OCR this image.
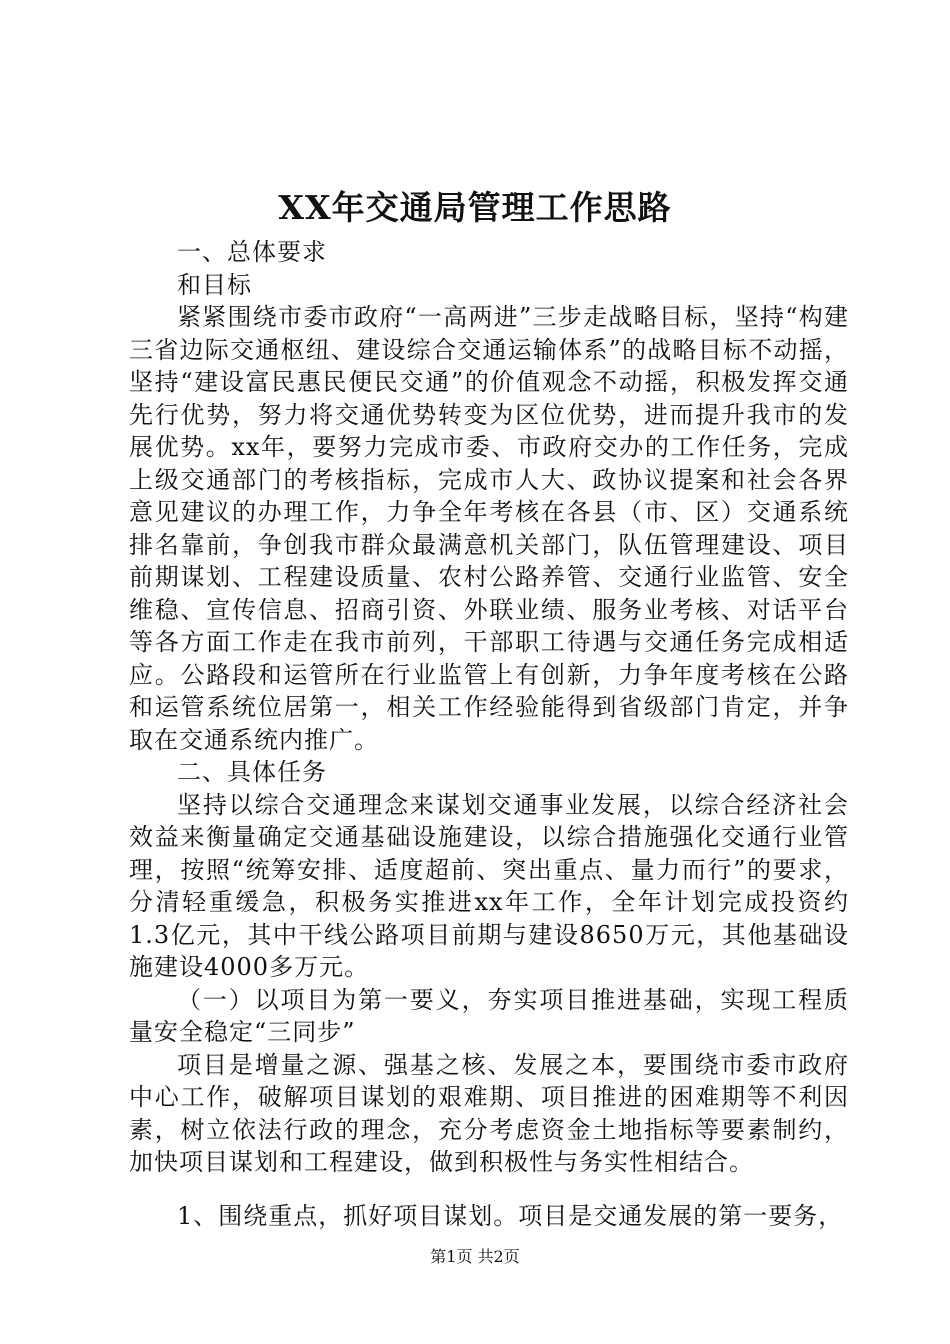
XX年交通局管理工作思路

一、总体要求

和目标

紧紧围绕市委市政府“一高两进”三步走战略目标，坚持“构建三省边际交通枢纽、建设综合交通运输体系”的战略目标不动摇，坚持“建设富民惠民便民交通”的价值观念不动摇，积极发挥交通先行优势，努力将交通优势转变为区位优势，进而提升我市的发展优势。xx年，要努力完成市委、市政府交办的工作任务，完成上级交通部门的考核指标，完成市人大、政协议提案和社会各界意见建议的办理工作，力争全年考核在各县（市、区）交通系统排名靠前，争创我市群众最满意机关部门，队伍管理建设、项目前期谋划、工程建设质量、农村公路养管、交通行业监管、安全维稳、宣传信息、招商引资、外联业绩、服务业考核、对话平台等各方面工作走在我市前列，干部职工待遇与交通任务完成相适应。公路段和运管所在行业监管上有创新，力争年度考核在公路和运管系统位居第一，相关工作经验能得到省级部门肯定，并争取在交通系统内推广。

二、具体任务

坚持以综合交通理念来谋划交通事业发展，以综合经济社会效益来衡量确定交通基础设施建设，以综合措施强化交通行业管理，按照“统筹安排、适度超前、突出重点、量力而行”的要求，分清轻重缓急，积极务实推进xx年工作，全年计划完成投资约1.3亿元，其中干线公路项目前期与建设8650万元，其他基础设施建设4000多万元。

（一）以项目为第一要义，夯实项目推进基础，实现工程质量安全稳定“三同步”

项目是增量之源、强基之核、发展之本，要围绕市委市政府中心工作，破解项目谋划的艰难期、项目推进的困难期等不利因素，树立依法行政的理念，充分考虑资金土地指标等要素制约，加快项目谋划和工程建设，做到积极性与务实性相结合。

1、围绕重点，抓好项目谋划。项目是交通发展的第一要务，

第1页 共2页
